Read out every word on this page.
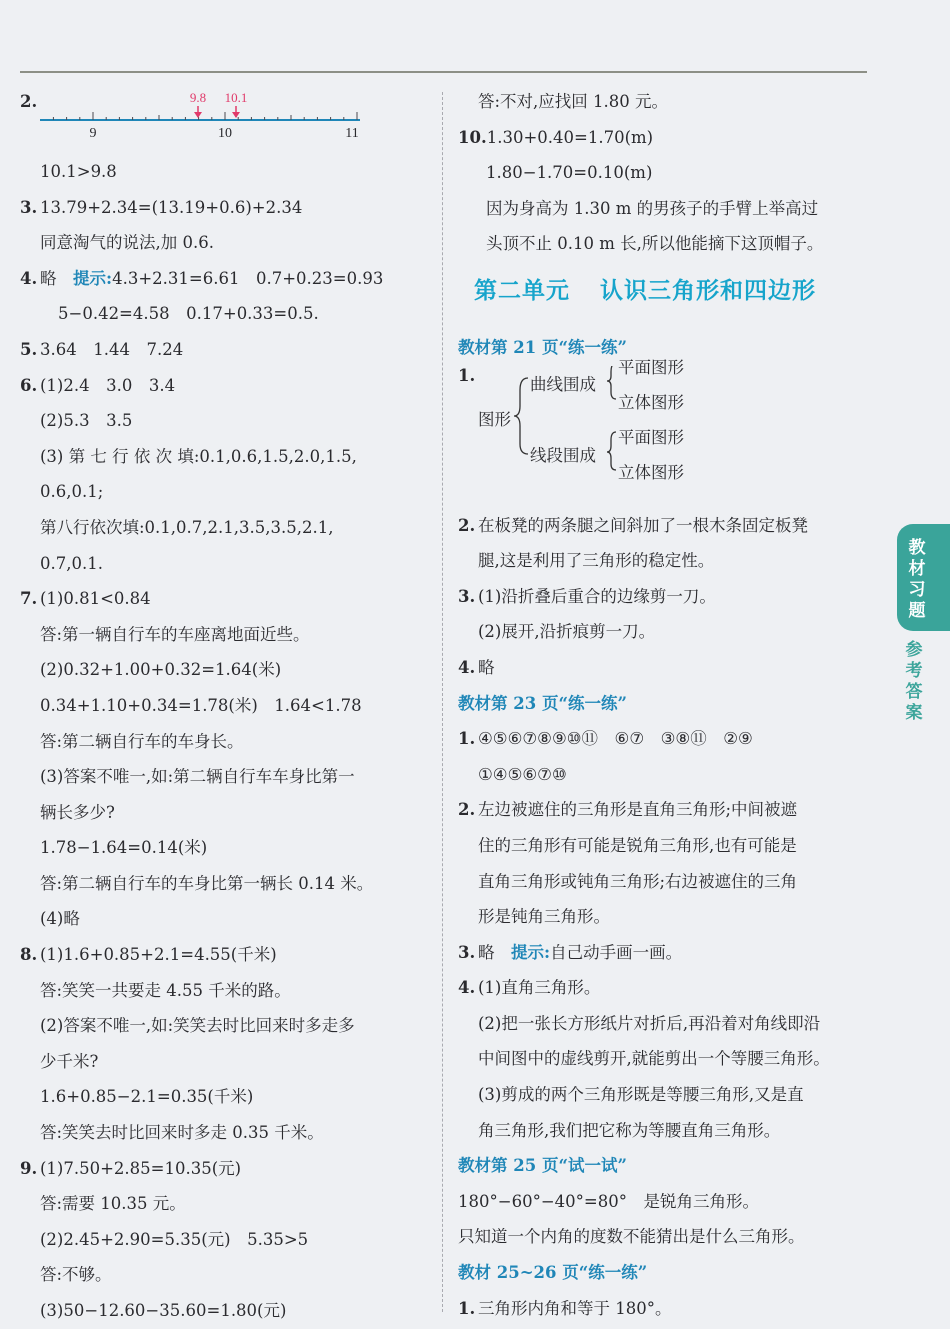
2.	9.8 10.1
9	10	11
10.1>9.8
3. 13.79+2.34=(13.19+0.6)+2.34
同意淘气的说法,加 0.6.
4. 略　 提示:4.3+2.31=6.61　0.7+0.23=0.93
5−0.42=4.58　0.17+0.33=0.5.
5. 3.64　1.44　7.24
6. (1)2.4　3.0　3.4
(2)5.3　3.5
(3) 第 七 行 依 次 填:0.1,0.6,1.5,2.0,1.5,
0.6,0.1;
第八行依次填:0.1,0.7,2.1,3.5,3.5,2.1,
0.7,0.1.
7. (1)0.81<0.84
答:第一辆自行车的车座离地面近些。
(2)0.32+1.00+0.32=1.64(米)
0.34+1.10+0.34=1.78(米)　1.64<1.78
答:第二辆自行车的车身长。
(3)答案不唯一,如:第二辆自行车车身比第一
辆长多少?
1.78−1.64=0.14(米)
答:第二辆自行车的车身比第一辆长 0.14 米。
(4)略
8. (1)1.6+0.85+2.1=4.55(千米)
答:笑笑一共要走 4.55 千米的路。
(2)答案不唯一,如:笑笑去时比回来时多走多
少千米?
1.6+0.85−2.1=0.35(千米)
答:笑笑去时比回来时多走 0.35 千米。
9. (1)7.50+2.85=10.35(元)
答:需要 10.35 元。
(2)2.45+2.90=5.35(元)　5.35>5
答:不够。
(3)50−12.60−35.60=1.80(元)
答:不对,应找回 1.80 元。
10.1.30+0.40=1.70(m)
1.80−1.70=0.10(m)
因为身高为 1.30 m 的男孩子的手臂上举高过
头顶不止 0.10 m 长,所以他能摘下这顶帽子。
第二单元 认识三角形和四边形
教材第 21 页“练一练”
1.
图形
曲线围成
线段围成
平面图形
立体图形
平面图形
立体图形
2. 在板凳的两条腿之间斜加了一根木条固定板凳
腿,这是利用了三角形的稳定性。
3. (1)沿折叠后重合的边缘剪一刀。
(2)展开,沿折痕剪一刀。
4. 略
教材第 23 页“练一练”
1. ④⑤⑥⑦⑧⑨⑩⑪　⑥⑦　③⑧⑪　②⑨
①④⑤⑥⑦⑩
2. 左边被遮住的三角形是直角三角形;中间被遮
住的三角形有可能是锐角三角形,也有可能是
直角三角形或钝角三角形;右边被遮住的三角
形是钝角三角形。
3. 略　 提示:自己动手画一画。
4. (1)直角三角形。
(2)把一张长方形纸片对折后,再沿着对角线即沿
中间图中的虚线剪开,就能剪出一个等腰三角形。
(3)剪成的两个三角形既是等腰三角形,又是直
角三角形,我们把它称为等腰直角三角形。
教材第 25 页“试一试”
180°−60°−40°=80°　是锐角三角形。
只知道一个内角的度数不能猜出是什么三角形。
教材 25~26 页“练一练”
1. 三角形内角和等于 180°。
教材习题
参考答案
